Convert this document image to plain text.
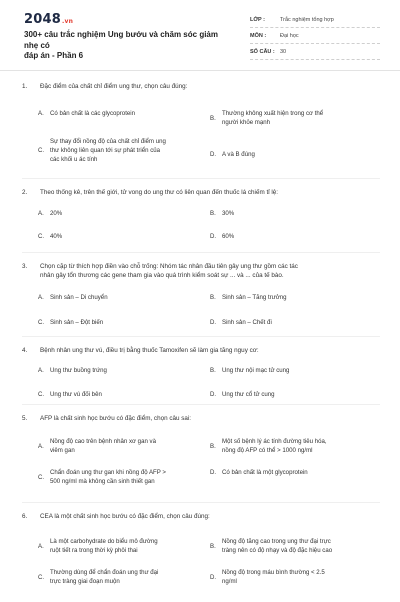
2048.vn
300+ câu trắc nghiệm Ung bướu và chăm sóc giảm nhẹ có
đáp án - Phần 6
LỚP :	Trắc nghiệm tổng hợp
MÔN :	Đại học
SỐ CÂU : 30
1. Đặc điểm của chất chỉ điểm ung thư, chọn câu đúng:
A.	Có bản chất là các glycoprotein
B.
Thường không xuất hiện trong cơ thể
người khỏe mạnh
C.
Sự thay đổi nồng độ của chất chỉ điểm ung
thư không liên quan tới sự phát triển của
các khối u ác tính
D. A và B đúng
2. Theo thống kê, trên thế giới, tử vong do ung thư có liên quan đến thuốc lá chiếm tỉ lệ:
A.	20%	B.	30%
C. 40%	D. 60%
3. Chọn cặp từ thích hợp điền vào chỗ trống: Nhóm tác nhân đầu tiên gây ung thư gồm các tác
nhân gây tổn thương các gene tham gia vào quá trình kiểm soát sự ... và ... của tế bào.
A.	Sinh sản – Di chuyển	B.	Sinh sản – Tăng trưởng
C. Sinh sản – Đột biến	D. Sinh sản – Chết đi
4. Bệnh nhân ung thư vú, điều trị bằng thuốc Tamoxifen sẽ làm gia tăng nguy cơ:
A.	Ung thư buồng trứng	B.	Ung thư nội mạc tử cung
C. Ung thư vú đối bên	D. Ung thư cổ tử cung
5. AFP là chất sinh học bướu có đặc điểm, chọn câu sai:
A.
Nồng độ cao trên bệnh nhân xơ gan và
viêm gan
B.
Một số bệnh lý ác tính đường tiêu hóa,
nồng độ AFP có thể > 1000 ng/ml
C.
Chẩn đoán ung thư gan khi nồng độ AFP >
500 ng/ml mà không cần sinh thiết gan
D. Có bản chất là một glycoprotein
6. CEA là một chất sinh học bướu có đặc điểm, chọn câu đúng:
A.
Là một carbohydrate do biểu mô đường
ruột tiết ra trong thời kỳ phôi thai
B.
Nồng độ tăng cao trong ung thư đại trực
tràng nên có độ nhạy và độ đặc hiệu cao
C.
Thường dùng để chẩn đoán ung thư đại
trực tràng giai đoạn muộn
D.
Nồng độ trong máu bình thường < 2.5
ng/ml
